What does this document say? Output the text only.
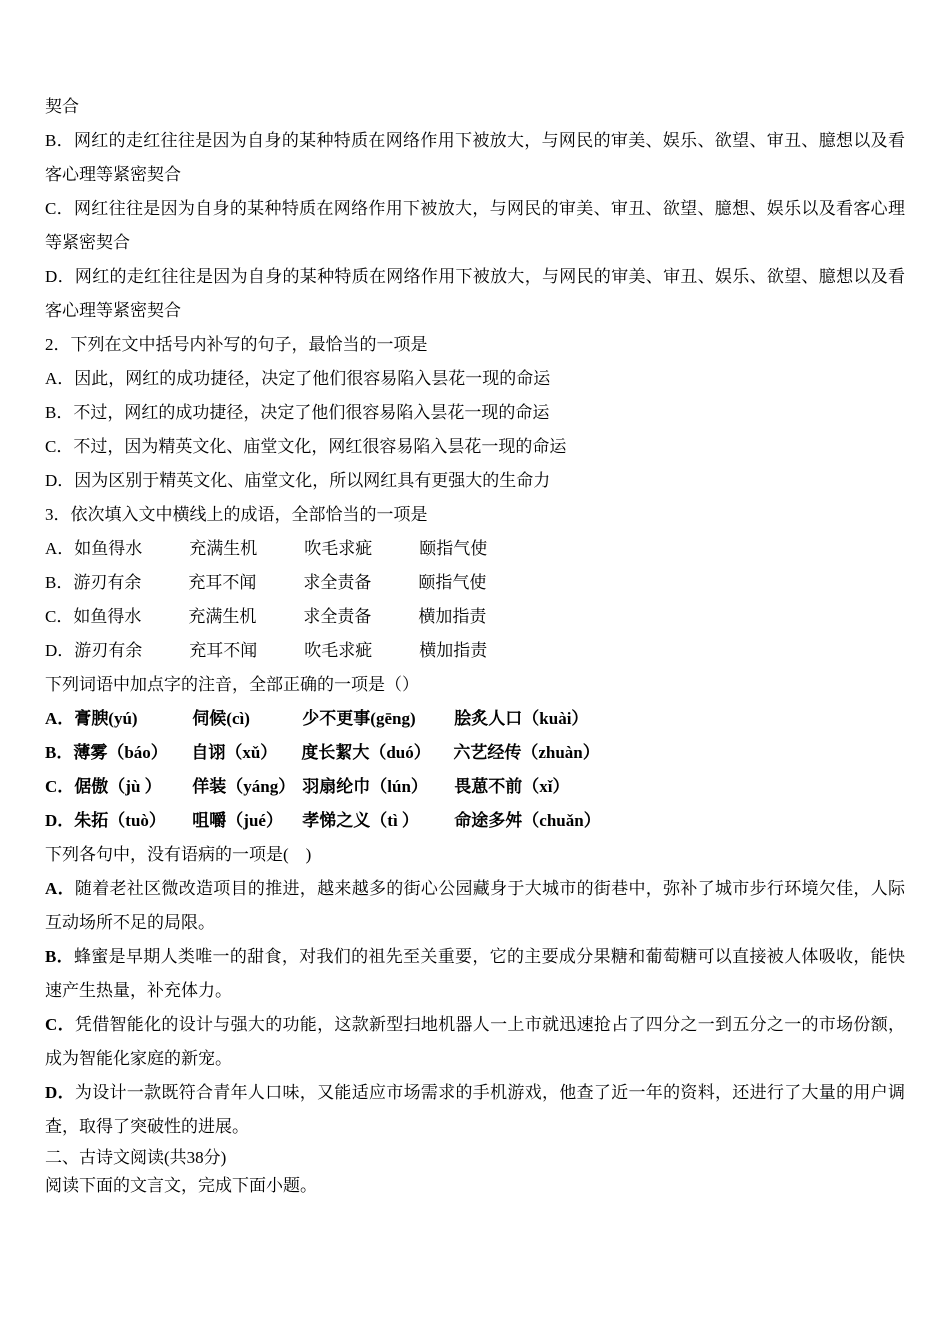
契合

B．网红的走红往往是因为自身的某种特质在网络作用下被放大，与网民的审美、娱乐、欲望、审丑、臆想以及看客心理等紧密契合

C．网红往往是因为自身的某种特质在网络作用下被放大，与网民的审美、审丑、欲望、臆想、娱乐以及看客心理等紧密契合

D．网红的走红往往是因为自身的某种特质在网络作用下被放大，与网民的审美、审丑、娱乐、欲望、臆想以及看客心理等紧密契合

2．下列在文中括号内补写的句子，最恰当的一项是

A．因此，网红的成功捷径，决定了他们很容易陷入昙花一现的命运

B．不过，网红的成功捷径，决定了他们很容易陷入昙花一现的命运

C．不过，因为精英文化、庙堂文化，网红很容易陷入昙花一现的命运

D．因为区别于精英文化、庙堂文化，所以网红具有更强大的生命力

3．依次填入文中横线上的成语，全部恰当的一项是

A．如鱼得水	充满生机	吹毛求疵	颐指气使

B．游刃有余	充耳不闻	求全责备	颐指气使

C．如鱼得水	充满生机	求全责备	横加指责

D．游刃有余	充耳不闻	吹毛求疵	横加指责

下列词语中加点字的注音，全部正确的一项是（）

A．膏腴(yú)	伺候(cì)	少不更事(gēng) 脍炙人口（kuài）

B．薄雾（báo） 自诩（xǔ） 度长絜大（duó） 六艺经传（zhuàn）

C．倨傲（jù ） 佯装（yáng） 羽扇纶巾（lún） 畏葸不前（xǐ）

D．朱拓（tuò） 咀嚼（jué） 孝悌之义（tì ） 命途多舛（chuǎn）

下列各句中，没有语病的一项是(　)

A．随着老社区微改造项目的推进，越来越多的街心公园藏身于大城市的街巷中，弥补了城市步行环境欠佳，人际互动场所不足的局限。

B．蜂蜜是早期人类唯一的甜食，对我们的祖先至关重要，它的主要成分果糖和葡萄糖可以直接被人体吸收，能快速产生热量，补充体力。

C．凭借智能化的设计与强大的功能，这款新型扫地机器人一上市就迅速抢占了四分之一到五分之一的市场份额，成为智能化家庭的新宠。

D．为设计一款既符合青年人口味，又能适应市场需求的手机游戏，他查了近一年的资料，还进行了大量的用户调查，取得了突破性的进展。

二、古诗文阅读(共38分)

阅读下面的文言文，完成下面小题。
